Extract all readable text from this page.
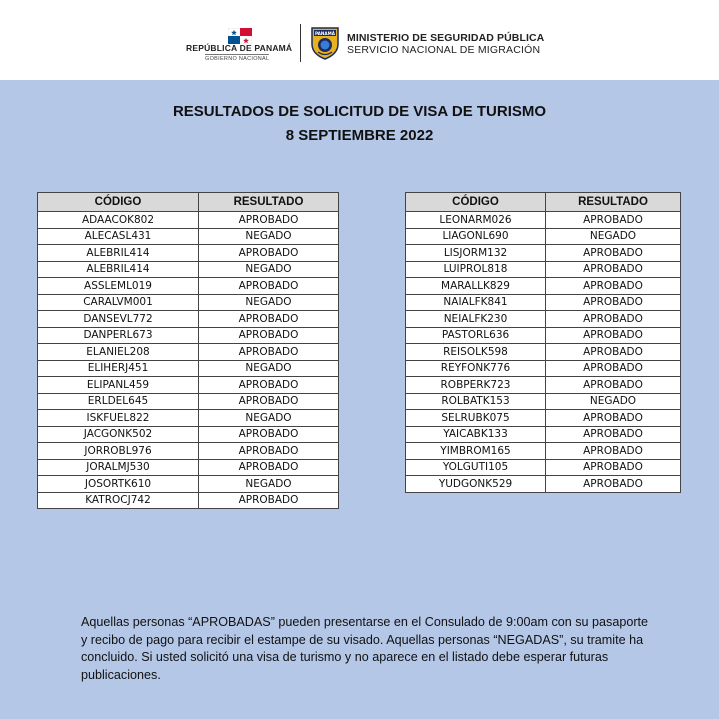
REPÚBLICA DE PANAMÁ
GOBIERNO NACIONAL
PANAMÁ MINISTERIO DE SEGURIDAD PÚBLICA
SERVICIO NACIONAL DE MIGRACIÓN
RESULTADOS DE SOLICITUD DE VISA DE TURISMO
8 SEPTIEMBRE 2022
CÓDIGO	RESULTADO
ADAACOK802	APROBADO
ALECASL431	NEGADO
ALEBRIL414	APROBADO
ALEBRIL414	NEGADO
ASSLEML019	APROBADO
CARALVM001	NEGADO
DANSEVL772	APROBADO
DANPERL673	APROBADO
ELANIEL208	APROBADO
ELIHERJ451	NEGADO
ELIPANL459	APROBADO
ERLDEL645	APROBADO
ISKFUEL822	NEGADO
JACGONK502	APROBADO
JORROBL976	APROBADO
JORALMJ530	APROBADO
JOSORTK610	NEGADO
KATROCJ742	APROBADO
CÓDIGO	RESULTADO
LEONARM026	APROBADO
LIAGONL690	NEGADO
LISJORM132	APROBADO
LUIPROL818	APROBADO
MARALLK829	APROBADO
NAIALFK841	APROBADO
NEIALFK230	APROBADO
PASTORL636	APROBADO
REISOLK598	APROBADO
REYFONK776	APROBADO
ROBPERK723	APROBADO
ROLBATK153	NEGADO
SELRUBK075	APROBADO
YAICABK133	APROBADO
YIMBROM165	APROBADO
YOLGUTI105	APROBADO
YUDGONK529	APROBADO
Aquellas personas “APROBADAS” pueden presentarse en el Consulado de 9:00am con su pasaporte y recibo de pago para recibir el estampe de su visado. Aquellas personas “NEGADAS”, su tramite ha concluido. Si usted solicitó una visa de turismo y no aparece en el listado debe esperar futuras publicaciones.
